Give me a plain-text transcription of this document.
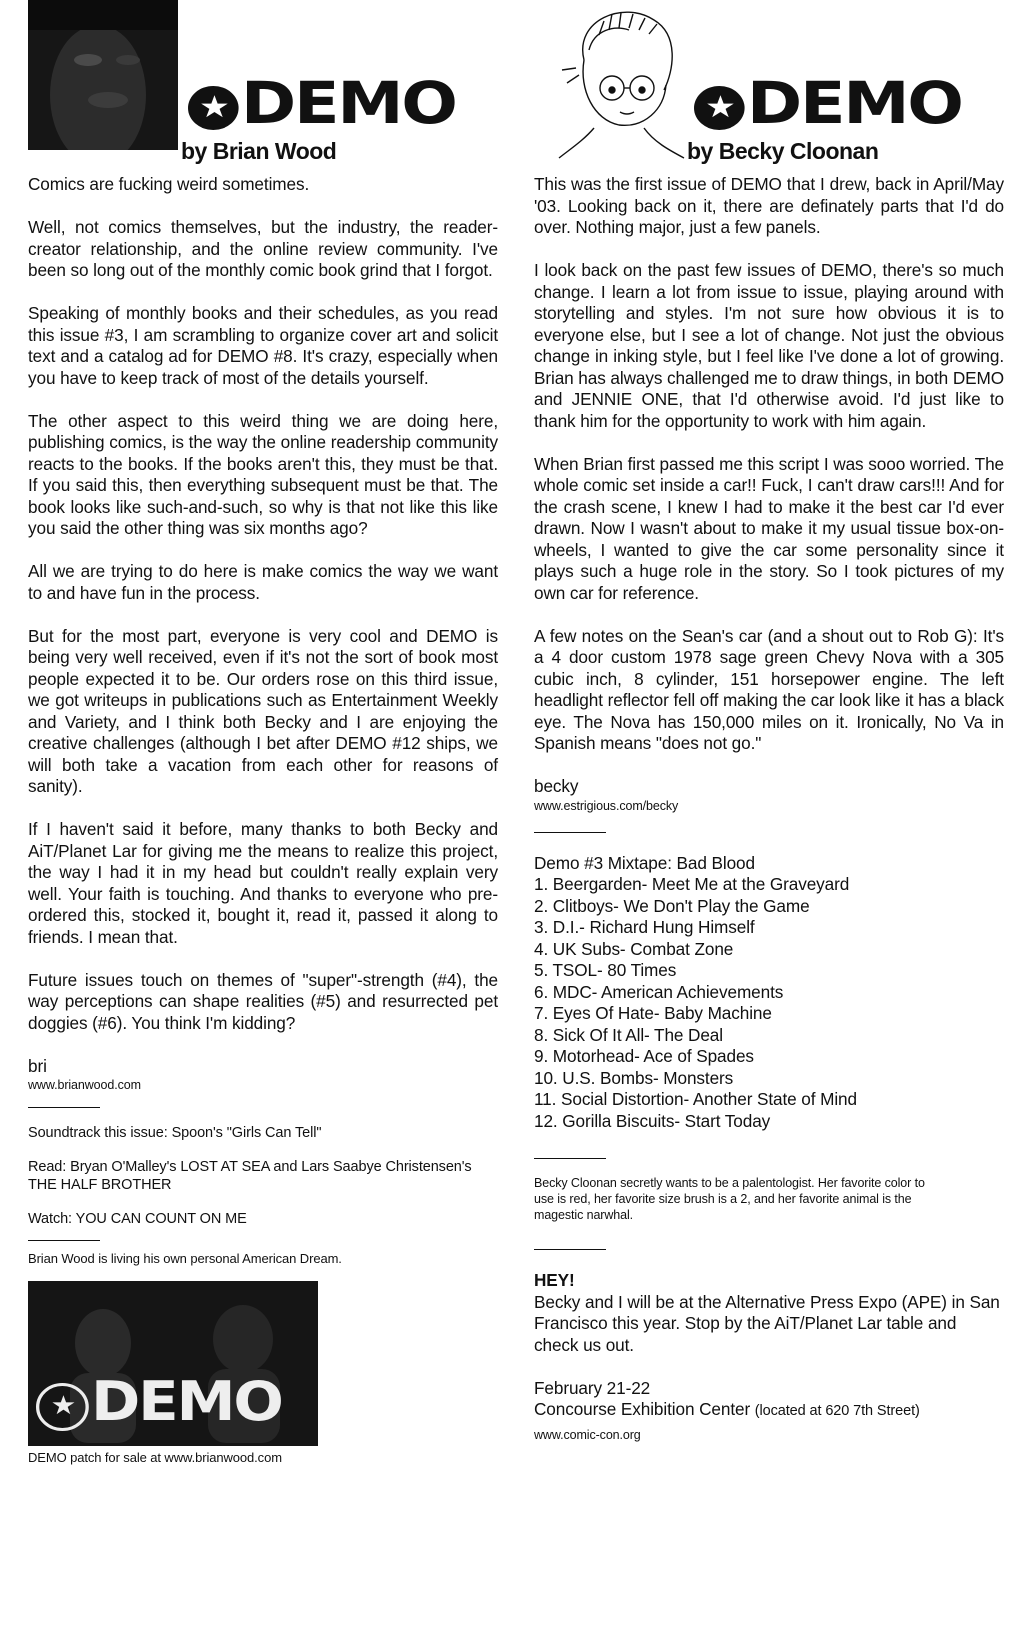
★ DEMO
by Brian Wood

Comics are fucking weird sometimes.

Well, not comics themselves, but the industry, the reader-creator relationship, and the online review community. I've been so long out of the monthly comic book grind that I forgot.

Speaking of monthly books and their schedules, as you read this issue #3, I am scrambling to organize cover art and solicit text and a catalog ad for DEMO #8. It's crazy, especially when you have to keep track of most of the details yourself.

The other aspect to this weird thing we are doing here, publishing comics, is the way the online readership community reacts to the books. If the books aren't this, they must be that. If you said this, then everything subsequent must be that. The book looks like such-and-such, so why is that not like this like you said the other thing was six months ago?

All we are trying to do here is make comics the way we want to and have fun in the process.

But for the most part, everyone is very cool and DEMO is being very well received, even if it's not the sort of book most people expected it to be. Our orders rose on this third issue, we got writeups in publications such as Entertainment Weekly and Variety, and I think both Becky and I are enjoying the creative challenges (although I bet after DEMO #12 ships, we will both take a vacation from each other for reasons of sanity).

If I haven't said it before, many thanks to both Becky and AiT/Planet Lar for giving me the means to realize this project, the way I had it in my head but couldn't really explain very well. Your faith is touching. And thanks to everyone who pre-ordered this, stocked it, bought it, read it, passed it along to friends. I mean that.

Future issues touch on themes of "super"-strength (#4), the way perceptions can shape realities (#5) and resurrected pet doggies (#6). You think I'm kidding?

bri
www.brianwood.com
Soundtrack this issue: Spoon's "Girls Can Tell"
Read: Bryan O'Malley's LOST AT SEA and Lars Saabye Christensen's THE HALF BROTHER
Watch: YOU CAN COUNT ON ME
Brian Wood is living his own personal American Dream.
★ DEMO
DEMO patch for sale at www.brianwood.com
★ DEMO
by Becky Cloonan

This was the first issue of DEMO that I drew, back in April/May '03. Looking back on it, there are definately parts that I'd do over. Nothing major, just a few panels.

I look back on the past few issues of DEMO, there's so much change. I learn a lot from issue to issue, playing around with storytelling and styles. I'm not sure how obvious it is to everyone else, but I see a lot of change. Not just the obvious change in inking style, but I feel like I've done a lot of growing. Brian has always challenged me to draw things, in both DEMO and JENNIE ONE, that I'd otherwise avoid. I'd just like to thank him for the opportunity to work with him again.

When Brian first passed me this script I was sooo worried. The whole comic set inside a car!! Fuck, I can't draw cars!!! And for the crash scene, I knew I had to make it the best car I'd ever drawn. Now I wasn't about to make it my usual tissue box-on-wheels, I wanted to give the car some personality since it plays such a huge role in the story. So I took pictures of my own car for reference.

A few notes on the Sean's car (and a shout out to Rob G): It's a 4 door custom 1978 sage green Chevy Nova with a 305 cubic inch, 8 cylinder, 151 horsepower engine. The left headlight reflector fell off making the car look like it has a black eye. The Nova has 150,000 miles on it. Ironically, No Va in Spanish means "does not go."

becky
www.estrigious.com/becky
Demo #3 Mixtape: Bad Blood
1. Beergarden- Meet Me at the Graveyard
2. Clitboys- We Don't Play the Game
3. D.I.- Richard Hung Himself
4. UK Subs- Combat Zone
5. TSOL- 80 Times
6. MDC- American Achievements
7. Eyes Of Hate- Baby Machine
8. Sick Of It All- The Deal
9. Motorhead- Ace of Spades
10. U.S. Bombs- Monsters
11. Social Distortion- Another State of Mind
12. Gorilla Biscuits- Start Today
Becky Cloonan secretly wants to be a palentologist. Her favorite color to use is red, her favorite size brush is a 2, and her favorite animal is the magestic narwhal.
HEY!
Becky and I will be at the Alternative Press Expo (APE) in San Francisco this year. Stop by the AiT/Planet Lar table and check us out.
February 21-22
Concourse Exhibition Center (located at 620 7th Street)
www.comic-con.org
